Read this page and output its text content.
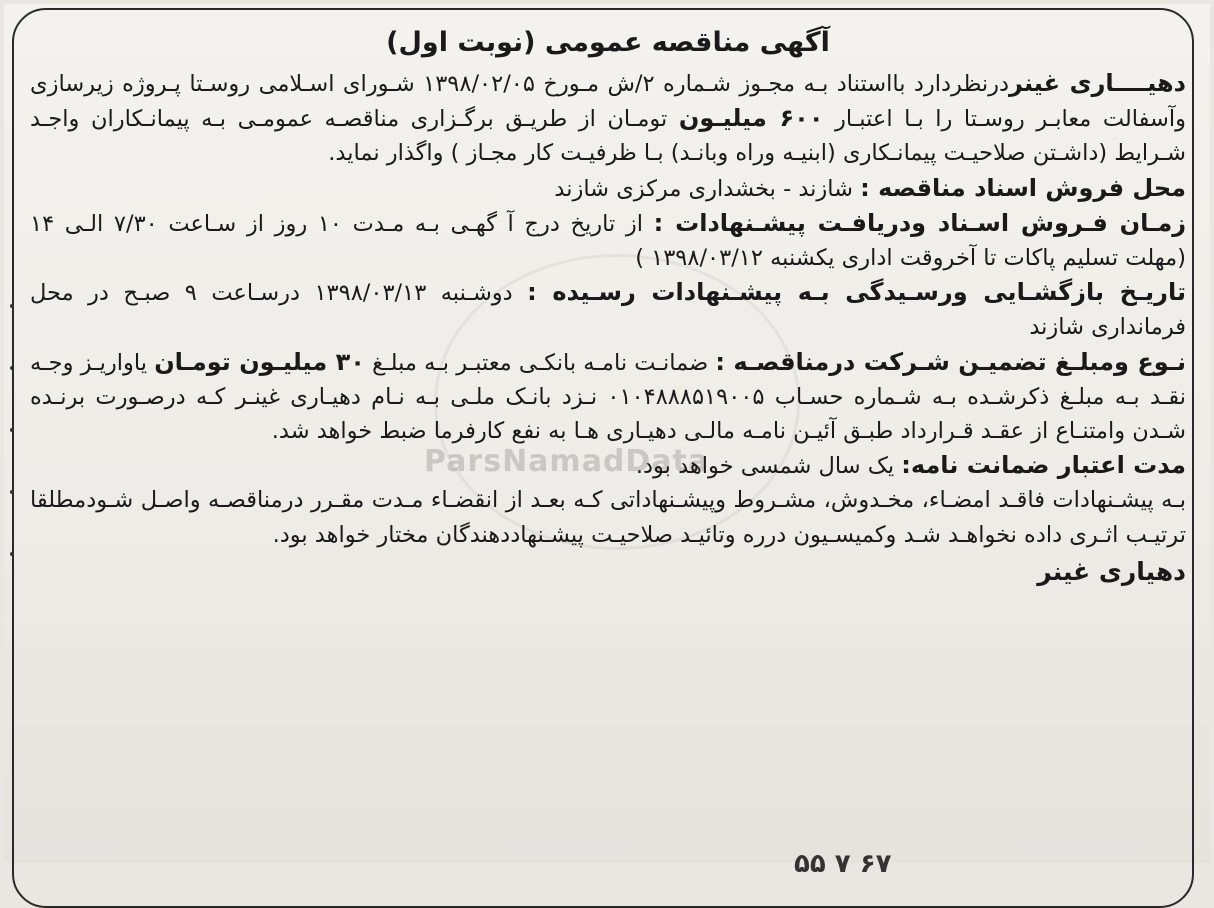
ParsNamadData
آگهی مناقصه عمومی (نوبت اول)

دهیــــاری غینردرنظردارد بااستناد بـه مجـوز شـماره ۲/ش مـورخ ۱۳۹۸/۰۲/۰۵ شـورای اسـلامی روسـتا پـروژه زیرسازی وآسفالت معابـر روسـتا را بـا اعتبـار ۶۰۰ میلیـون تومـان از طریـق برگـزاری مناقصـه عمومـی بـه پیمانـکاران واجـد شـرایط (داشـتن صلاحیـت پیمانـکاری (ابنیـه وراه وبانـد) بـا ظرفیـت کار مجـاز ) واگذار نماید.

محل فروش اسناد مناقصه : شازند - بخشداری مرکزی شازند

زمـان فـروش اسـناد ودریافـت پیشـنهادات : از تاریخ درج آ گهـی بـه مـدت ۱۰ روز از سـاعت ۷/۳۰ الـی ۱۴ (مهلت تسلیم پاکات تا آخروقت اداری یکشنبه ۱۳۹۸/۰۳/۱۲ )

تاریـخ بازگشـایی ورسـیدگی بـه پیشـنهادات رسـیده : دوشـنبه ۱۳۹۸/۰۳/۱۳ درسـاعت ۹ صبـح در محل فرمانداری شازند

نـوع ومبلـغ تضمیـن شـرکت درمناقصـه : ضمانـت نامـه بانکـی معتبـر بـه مبلـغ ۳۰ میلیـون تومـان یاواریـز وجـه نقـد بـه مبلـغ ذکرشـده بـه شـماره حسـاب ۰۱۰۴۸۸۸۵۱۹۰۰۵ نـزد بانـک ملـی بـه نـام دهیـاری غینـر کـه درصـورت برنـده شـدن وامتنـاع از عقـد قـرارداد طبـق آئیـن نامـه مالـی دهیـاری هـا به نفع کارفرما ضبط خواهد شد.

مدت اعتبار ضمانت نامه: یک سال شمسی خواهد بود.

بـه پیشـنهادات فاقـد امضـاء، مخـدوش، مشـروط وپیشـنهاداتی کـه بعـد از انقضـاء مـدت مقـرر درمناقصـه واصـل شـودمطلقا ترتیـب اثـری داده نخواهـد شـد وکمیسـیون درره وتائیـد صلاحیـت پیشـنهاددهندگان مختار خواهد بود.

دهیاری غینر
۵۵ ۷ ۶۷
